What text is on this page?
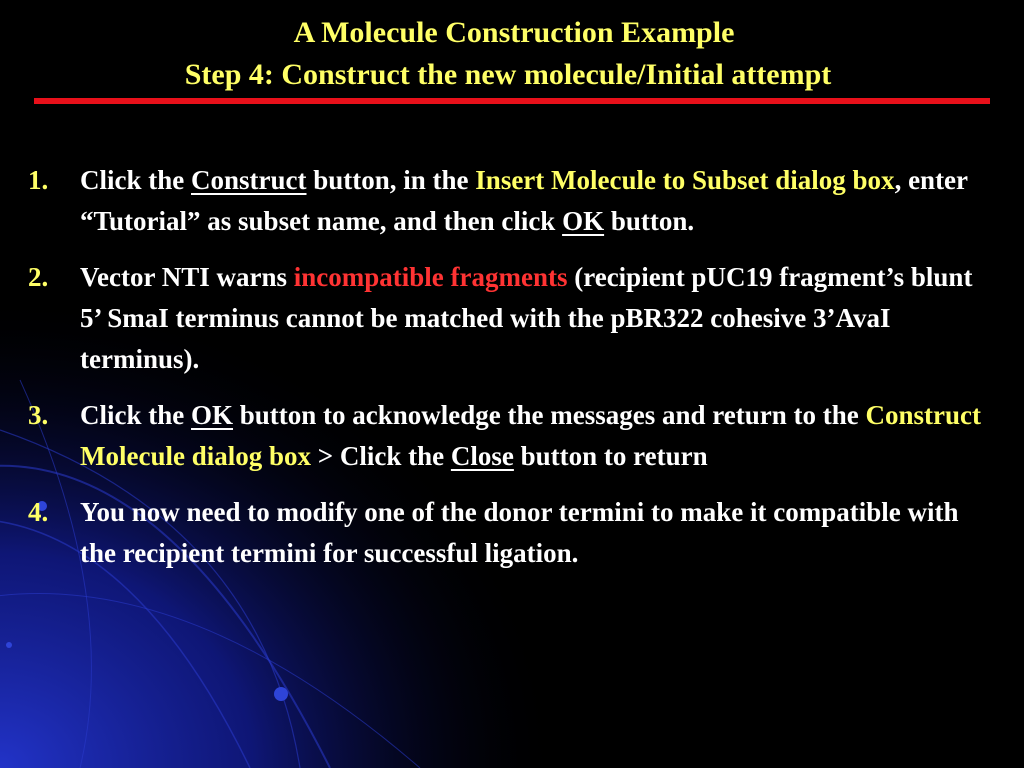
A Molecule Construction Example
Step 4: Construct the new molecule/Initial attempt
1. Click the Construct button, in the Insert Molecule to Subset dialog box, enter “Tutorial” as subset name, and then click OK button.
2. Vector NTI warns incompatible fragments (recipient pUC19 fragment’s blunt 5’ SmaI terminus cannot be matched with the pBR322 cohesive 3’AvaI terminus).
3. Click the OK button to acknowledge the messages and return to the Construct Molecule dialog box > Click the Close button to return
4. You now need to modify one of the donor termini to make it compatible with the recipient termini for successful ligation.
